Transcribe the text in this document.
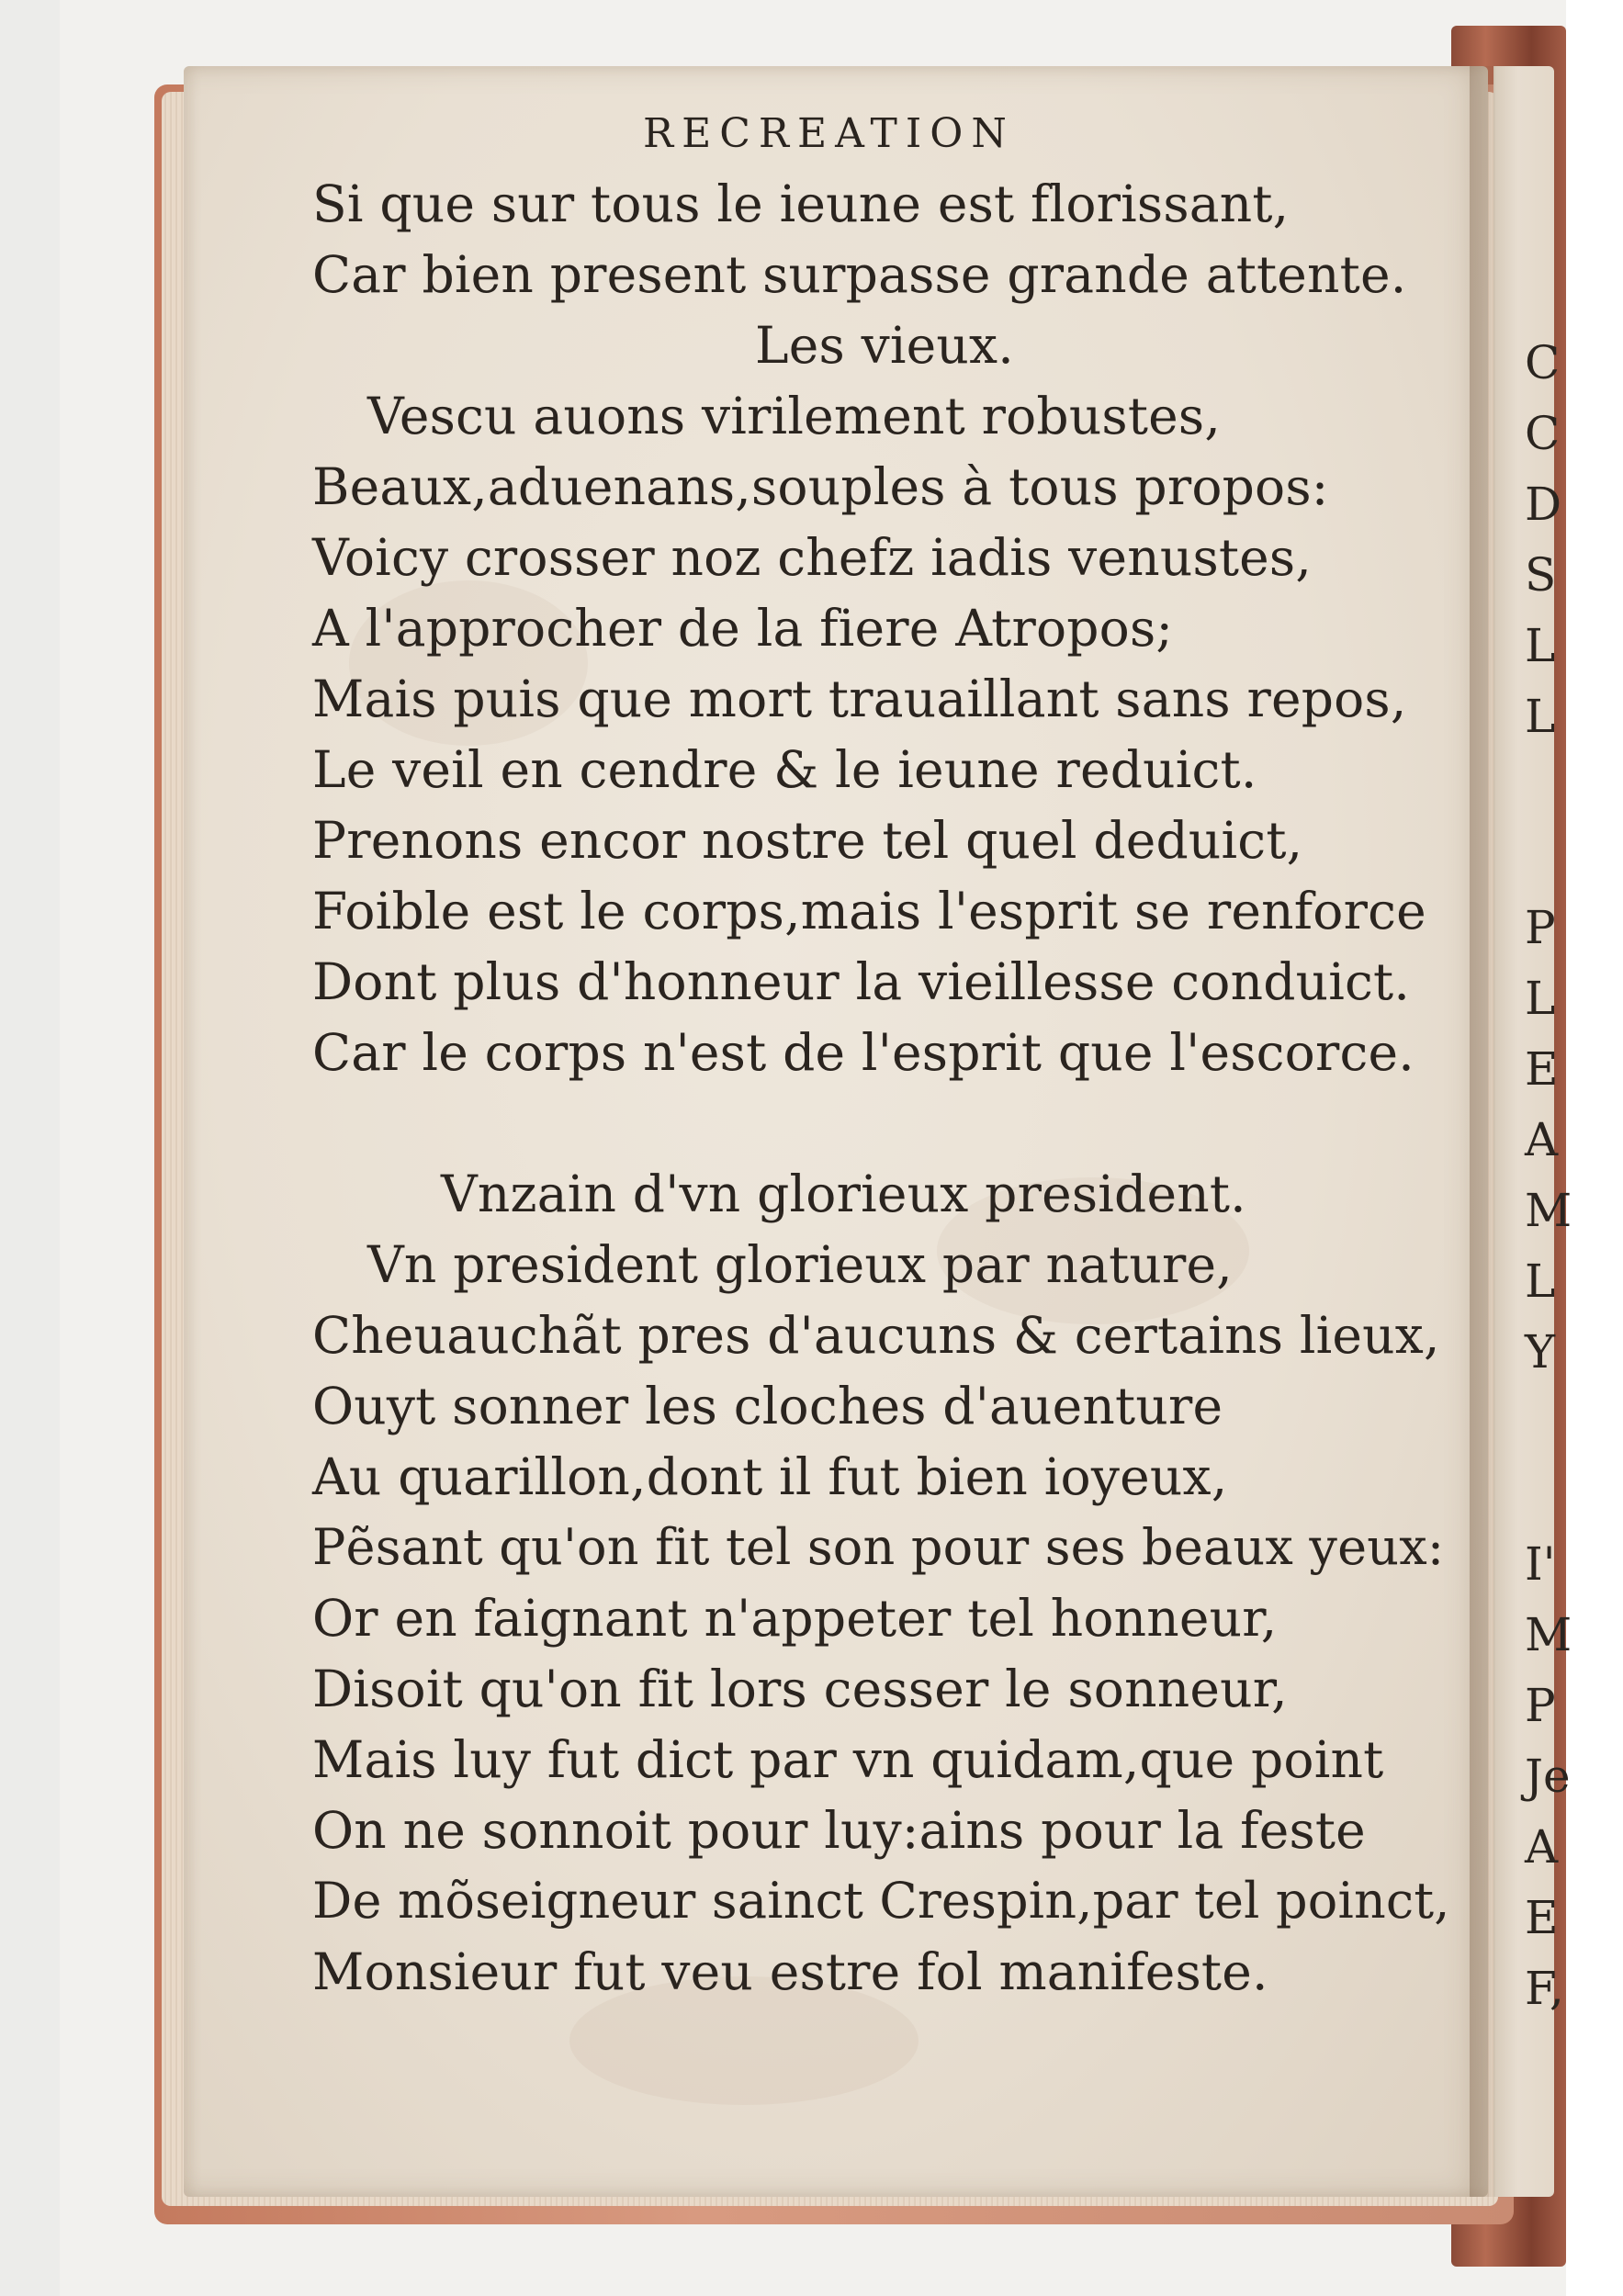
C
C
D
S
L
L
P
L
E
A
M
L
Y
I'
M
P
Je
A
E
F,
RECREATION
Si que sur tous le ieune est florissant,
Car bien present surpasse grande attente.
Les vieux.
Vescu auons virilement robustes,
Beaux,aduenans,souples à tous propos:
Voicy crosser noz chefz iadis venustes,
A l'approcher de la fiere Atropos;
Mais puis que mort trauaillant sans repos,
Le veil en cendre & le ieune reduict.
Prenons encor nostre tel quel deduict,
Foible est le corps,mais l'esprit se renforce
Dont plus d'honneur la vieillesse conduict.
Car le corps n'est de l'esprit que l'escorce.
Vnzain d'vn glorieux president.
Vn president glorieux par nature,
Cheuauchãt pres d'aucuns & certains lieux,
Ouyt sonner les cloches d'auenture
Au quarillon,dont il fut bien ioyeux,
Pẽsant qu'on fit tel son pour ses beaux yeux:
Or en faignant n'appeter tel honneur,
Disoit qu'on fit lors cesser le sonneur,
Mais luy fut dict par vn quidam,que point
On ne sonnoit pour luy:ains pour la feste
De mõseigneur sainct Crespin,par tel poinct,
Monsieur fut veu estre fol manifeste.
